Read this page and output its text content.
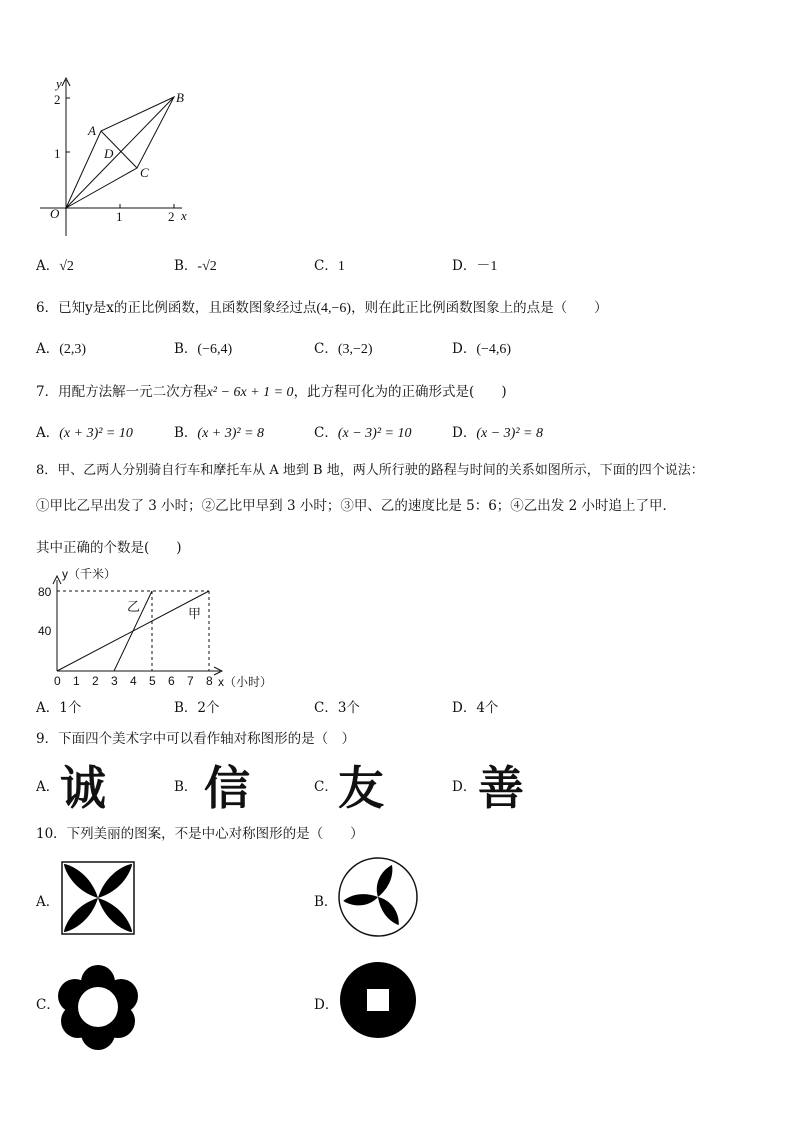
y
x
O
2
1
1	2
A
B
C
D
A．√2	B．-√2	C．1	D．－1
6．已知y是x的正比例函数，且函数图象经过点(4,−6)，则在此正比例函数图象上的点是（　　）
A．(2,3)	B．(−6,4)	C．(3,−2)	D．(−4,6)
7．用配方法解一元二次方程x² − 6x + 1 = 0，此方程可化为的正确形式是(　　)
A．(x + 3)² = 10	B．(x + 3)² = 8	C．(x − 3)² = 10	D．(x − 3)² = 8
8．甲、乙两人分别骑自行车和摩托车从 A 地到 B 地，两人所行驶的路程与时间的关系如图所示，下面的四个说法：
①甲比乙早出发了 3 小时；②乙比甲早到 3 小时；③甲、乙的速度比是 5：6；④乙出发 2 小时追上了甲．
其中正确的个数是(　　)
甲
乙
0 1 2 3 4 5 6 7 8
y（千米）
x（小时）
80
40
A．1个	B．2个	C．3个	D．4个
9．下面四个美术字中可以看作轴对称图形的是（　）
A． 诚	B． 信	C． 友	D． 善
10．下列美丽的图案，不是中心对称图形的是（　　）
A．	B．
C．	D．
